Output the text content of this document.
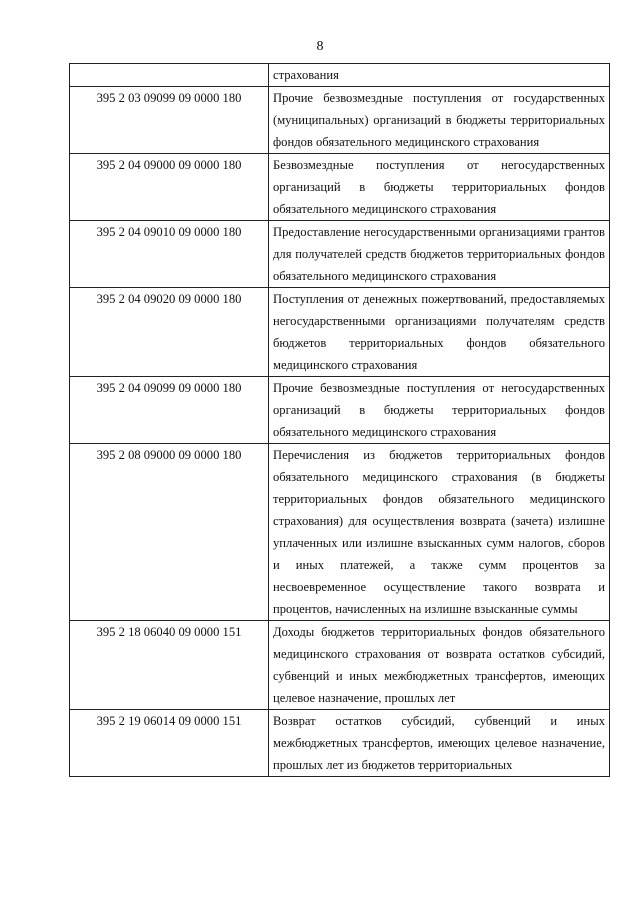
8
	страхования
395 2 03 09099 09 0000 180	Прочие безвозмездные поступления от государственных (муниципальных) организаций в бюджеты территориальных фондов обязательного медицинского страхования
395 2 04 09000 09 0000 180	Безвозмездные поступления от негосударственных организаций в бюджеты территориальных фондов обязательного медицинского страхования
395 2 04 09010 09 0000 180	Предоставление негосударственными организациями грантов для получателей средств бюджетов территориальных фондов обязательного медицинского страхования
395 2 04 09020 09 0000 180	Поступления от денежных пожертвований, предоставляемых негосударственными организациями получателям средств бюджетов территориальных фондов обязательного медицинского страхования
395 2 04 09099 09 0000 180	Прочие безвозмездные поступления от негосударственных организаций в бюджеты территориальных фондов обязательного медицинского страхования
395 2 08 09000 09 0000 180	Перечисления из бюджетов территориальных фондов обязательного медицинского страхования (в бюджеты территориальных фондов обязательного медицинского страхования) для осуществления возврата (зачета) излишне уплаченных или излишне взысканных сумм налогов, сборов и иных платежей, а также сумм процентов за несвоевременное осуществление такого возврата и процентов, начисленных на излишне взысканные суммы
395 2 18 06040 09 0000 151	Доходы бюджетов территориальных фондов обязательного медицинского страхования от возврата остатков субсидий, субвенций и иных межбюджетных трансфертов, имеющих целевое назначение, прошлых лет
395 2 19 06014 09 0000 151	Возврат остатков субсидий, субвенций и иных межбюджетных трансфертов, имеющих целевое назначение, прошлых лет из бюджетов территориальных
